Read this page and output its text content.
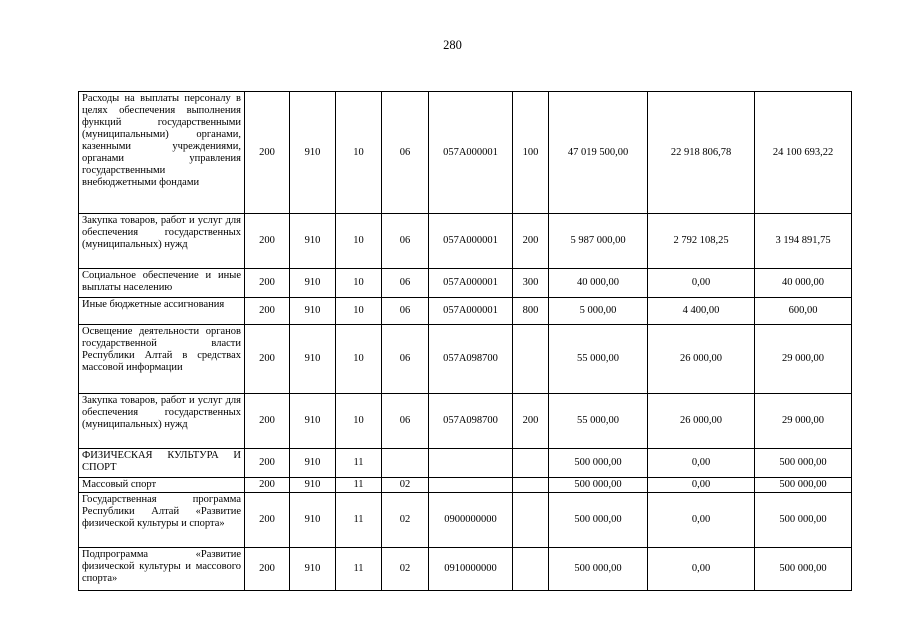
280
Расходы на выплаты персоналу в целях обеспечения выполнения функций государственными (муниципальными) органами, казенными учреждениями, органами управления государственными внебюджетными фондами	200	910	10	06	057A000001	100	47 019 500,00	22 918 806,78	24 100 693,22
Закупка товаров, работ и услуг для обеспечения государственных (муниципальных) нужд	200	910	10	06	057A000001	200	5 987 000,00	2 792 108,25	3 194 891,75
Социальное обеспечение и иные выплаты населению	200	910	10	06	057A000001	300	40 000,00	0,00	40 000,00
Иные бюджетные ассигнования	200	910	10	06	057A000001	800	5 000,00	4 400,00	600,00
Освещение деятельности органов государственной власти Республики Алтай в средствах массовой информации	200	910	10	06	057A098700		55 000,00	26 000,00	29 000,00
Закупка товаров, работ и услуг для обеспечения государственных (муниципальных) нужд	200	910	10	06	057A098700	200	55 000,00	26 000,00	29 000,00
ФИЗИЧЕСКАЯ КУЛЬТУРА И СПОРТ	200	910	11				500 000,00	0,00	500 000,00
Массовый спорт	200	910	11	02			500 000,00	0,00	500 000,00
Государственная программа Республики Алтай «Развитие физической культуры и спорта»	200	910	11	02	0900000000		500 000,00	0,00	500 000,00
Подпрограмма «Развитие физической культуры и массового спорта»	200	910	11	02	0910000000		500 000,00	0,00	500 000,00
